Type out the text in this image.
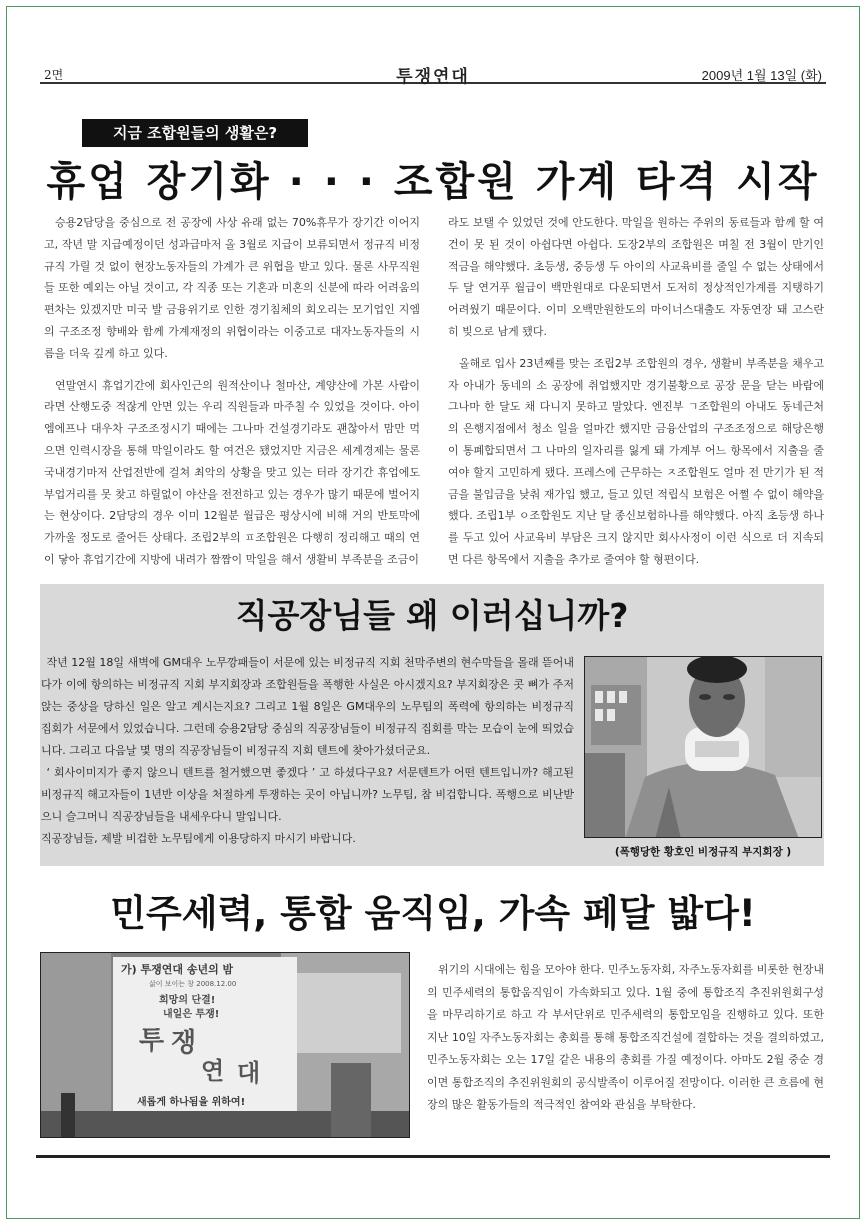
2면	투쟁연대	2009년 1월 13일 (화)
지금 조합원들의 생활은?
휴업 장기화 · · · 조합원 가계 타격 시작

승용2담당을 중심으로 전 공장에 사상 유래 없는 70%휴무가 장기간 이어지고, 작년 말 지급예정이던 성과급마저 올 3월로 지급이 보류되면서 정규직 비정규직 가릴 것 없이 현장노동자들의 가계가 큰 위협을 받고 있다. 물론 사무직원들 또한 예외는 아닐 것이고, 각 직종 또는 기혼과 미혼의 신분에 따라 어려움의 편차는 있겠지만 미국 발 금융위기로 인한 경기침체의 회오리는 모기업인 지엠의 구조조정 향배와 함께 가계재정의 위협이라는 이중고로 대자노동자들의 시름을 더욱 깊게 하고 있다.

연말연시 휴업기간에 회사인근의 원적산이나 철마산, 계양산에 가본 사람이라면 산행도중 적잖게 안면 있는 우리 직원들과 마주칠 수 있었을 것이다. 아이엠에프나 대우차 구조조정시기 때에는 그나마 건설경기라도 괜찮아서 맘만 먹으면 인력시장을 통해 막일이라도 할 여건은 됐었지만 지금은 세계경제는 물론 국내경기마저 산업전반에 걸쳐 최악의 상황을 맞고 있는 터라 장기간 휴업에도 부업거리를 못 찾고 하릴없이 야산을 전전하고 있는 경우가 많기 때문에 벌어지는 현상이다. 2담당의 경우 이미 12월분 월급은 평상시에 비해 거의 반토막에 가까울 정도로 줄어든 상태다. 조립2부의 ㅍ조합원은 다행히 정리해고 때의 연이 닿아 휴업기간에 지방에 내려가 짬짬이 막일을 해서 생활비 부족분을 조금이

라도 보탤 수 있었던 것에 안도한다. 막일을 원하는 주위의 동료들과 함께 할 여건이 못 된 것이 아쉽다면 아쉽다. 도장2부의 조합원은 며칠 전 3월이 만기인 적금을 해약했다. 초등생, 중등생 두 아이의 사교육비를 줄일 수 없는 상태에서 두 달 연거푸 월급이 백만원대로 다운되면서 도저히 정상적인가계를 지탱하기 어려웠기 때문이다. 이미 오백만원한도의 마이너스대출도 자동연장 돼 고스란히 빚으로 남게 됐다.

올해로 입사 23년째를 맞는 조립2부 조합원의 경우, 생활비 부족분을 채우고자 아내가 동네의 소 공장에 취업했지만 경기불황으로 공장 문을 닫는 바람에 그나마 한 달도 채 다니지 못하고 말았다. 엔진부 ㄱ조합원의 아내도 동네근처의 은행지점에서 청소 일을 얼마간 했지만 금융산업의 구조조정으로 해당은행이 통폐합되면서 그 나마의 일자리를 잃게 돼 가계부 어느 항목에서 지출을 줄여야 할지 고민하게 됐다. 프레스에 근무하는 ㅈ조합원도 얼마 전 만기가 된 적금을 불입금을 낮춰 재가입 했고, 들고 있던 적립식 보험은 어쩔 수 없이 해약을 했다. 조립1부 ㅇ조합원도 지난 달 종신보험하나를 해약했다. 아직 초등생 하나를 두고 있어 사교육비 부담은 크지 않지만 회사사정이 이런 식으로 더 지속되면 다른 항목에서 지출을 추가로 줄여야 할 형편이다.

직공장님들 왜 이러십니까?

작년 12월 18일 새벽에 GM대우 노무깡패들이 서문에 있는 비정규직 지회 천막주변의 현수막들을 몰래 뜯어내다가 이에 항의하는 비정규직 지회 부지회장과 조합원들을 폭행한 사실은 아시겠지요? 부지회장은 콧 뼈가 주저앉는 중상을 당하신 일은 알고 계시는지요? 그리고 1월 8일은 GM대우의 노무팀의 폭력에 항의하는 비정규직 집회가 서문에서 있었습니다. 그런데 승용2담당 중심의 직공장님들이 비정규직 집회를 막는 모습이 눈에 띄었습니다. 그리고 다음날 몇 명의 직공장님들이 비정규직 지회 텐트에 찾아가셨더군요.

‘ 회사이미지가 좋지 않으니 텐트를 철거했으면 좋겠다 ’ 고 하셨다구요? 서문텐트가 어떤 텐트입니까? 해고된 비정규직 해고자들이 1년반 이상을 처절하게 투쟁하는 곳이 아닙니까? 노무팀, 참 비겁합니다. 폭행으로 비난받으니 슬그머니 직공장님들을 내세우다니 말입니다.

직공장님들, 제발 비겁한 노무팀에게 이용당하지 마시기 바랍니다.

(폭행당한 황호인 비정규직 부지회장 )
민주세력, 통합 움직임, 가속 페달 밟다!
가) 투쟁연대 송년의 밤
삶이 보이는 창 2008.12.00
희망의 단결!
내일은 투쟁!
투 쟁
연 대
새롭게 하나됨을 위하여!

위기의 시대에는 힘을 모아야 한다. 민주노동자회, 자주노동자회를 비롯한 현장내의 민주세력의 통합움직임이 가속화되고 있다. 1월 중에 통합조직 추진위원회구성을 마무리하기로 하고 각 부서단위로 민주세력의 통합모임을 진행하고 있다. 또한 지난 10일 자주노동자회는 총회를 통해 통합조직건설에 결합하는 것을 결의하였고, 민주노동자회는 오는 17일 같은 내용의 총회를 가질 예정이다. 아마도 2월 중순 경이면 통합조직의 추진위원회의 공식발족이 이루어질 전망이다. 이러한 큰 흐름에 현장의 많은 활동가들의 적극적인 참여와 관심을 부탁한다.
